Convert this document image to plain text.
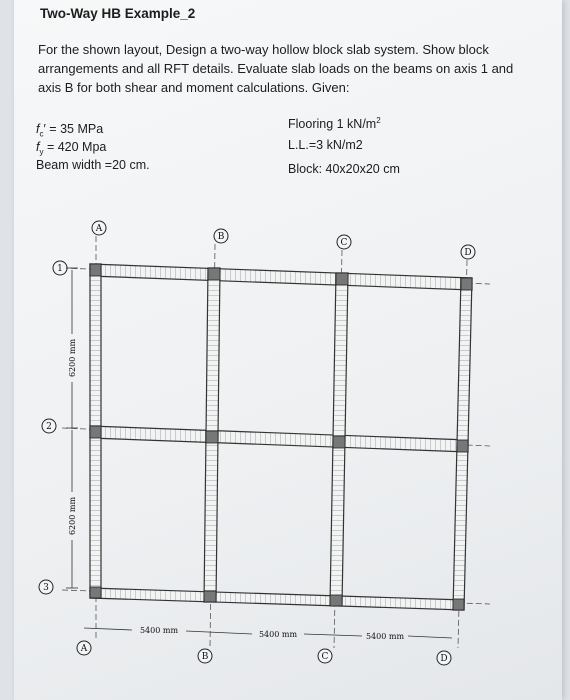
Two-Way HB Example_2
For the shown layout, Design a two-way hollow block slab system. Show block arrangements and all RFT details. Evaluate slab loads on the beams on axis 1 and axis B for both shear and moment calculations. Given:
$f_c' = 35$ MPa
$f_y = 420$ Mpa
Beam width =20 cm.
Flooring 1 $kN/m^2$
L.L.=3 kN/m2
Block: 40x20x20 cm
A
B
C
D
A
B	C	D
1
2
3
6200 mm
6200 mm
5400 mm	5400 mm	5400 mm
